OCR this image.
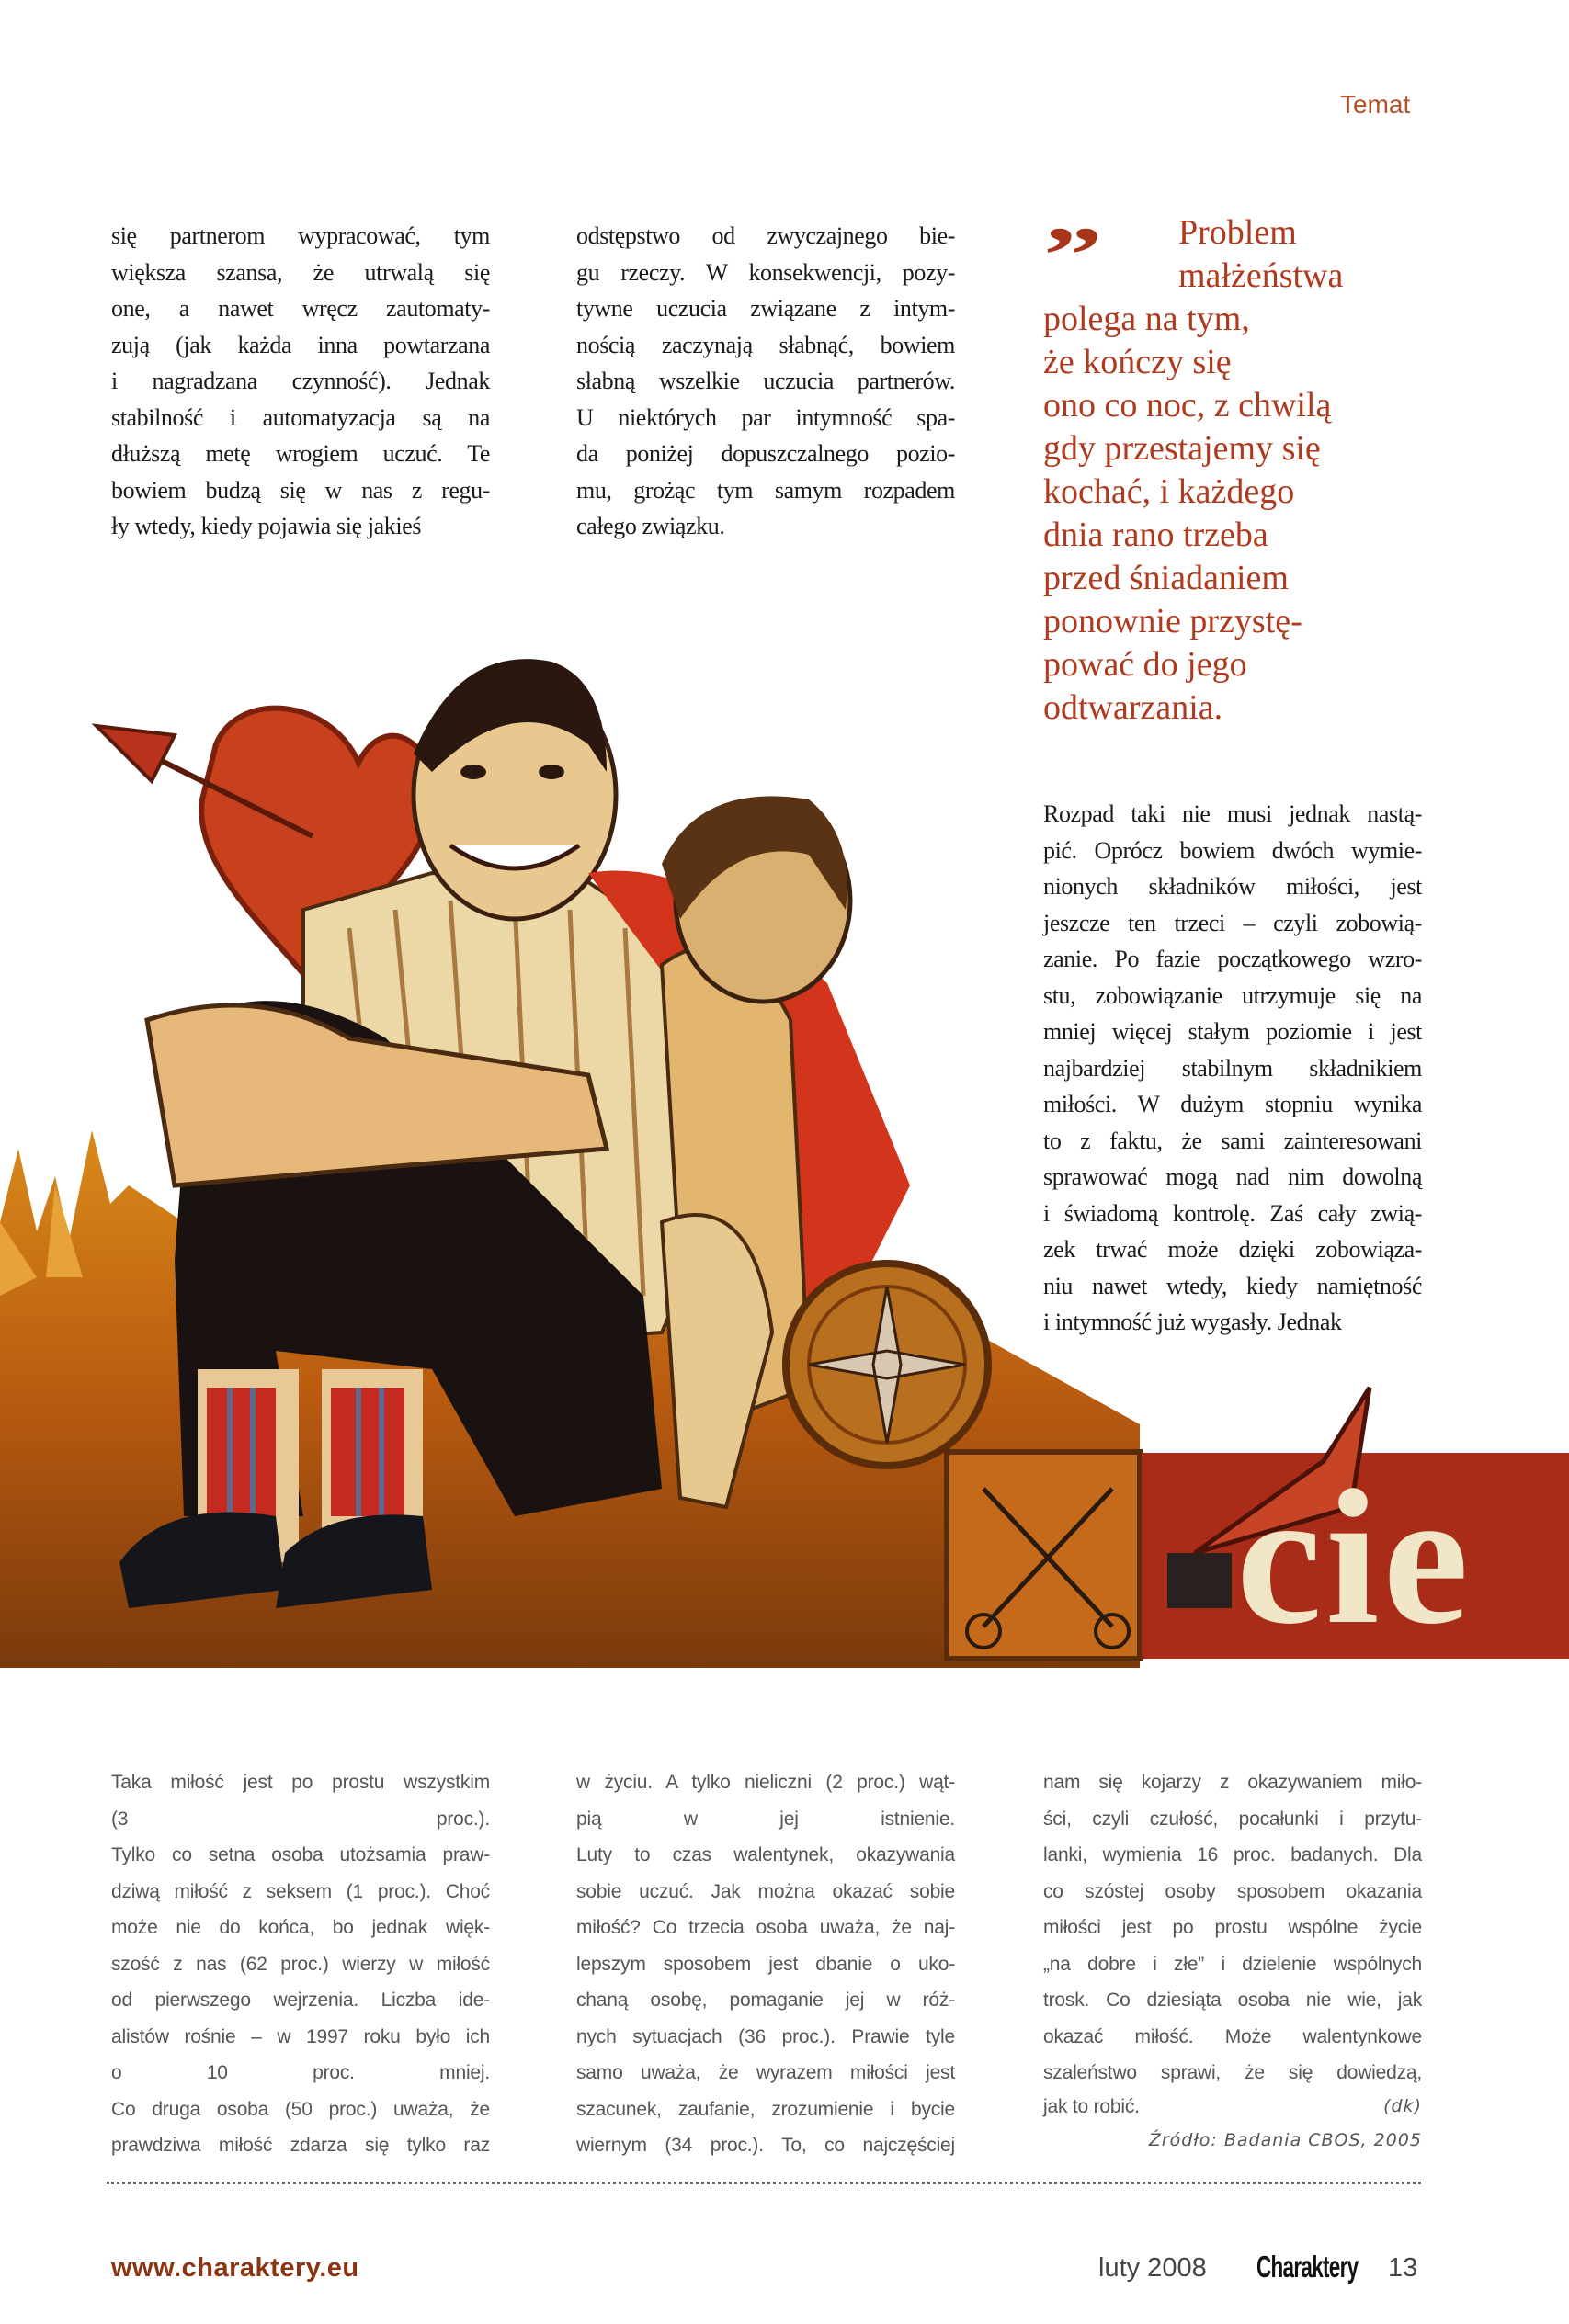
Temat
się partnerom wypracować, tym
większa szansa, że utrwalą się
one, a nawet wręcz zautomaty-
zują (jak każda inna powtarzana
i nagradzana czynność). Jednak
stabilność i automatyzacja są na
dłuższą metę wrogiem uczuć. Te
bowiem budzą się w nas z regu-
ły wtedy, kiedy pojawia się jakieś
odstępstwo od zwyczajnego bie-
gu rzeczy. W konsekwencji, pozy-
tywne uczucia związane z intym-
nością zaczynają słabnąć, bowiem
słabną wszelkie uczucia partnerów.
U niektórych par intymność spa-
da poniżej dopuszczalnego pozio-
mu, grożąc tym samym rozpadem
całego związku.
”	Problem
małżeństwa
polega na tym,
że kończy się
ono co noc, z chwilą
gdy przestajemy się
kochać, i każdego
dnia rano trzeba
przed śniadaniem
ponownie przystę-
pować do jego
odtwarzania.
Rozpad taki nie musi jednak nastą-
pić. Oprócz bowiem dwóch wymie-
nionych składników miłości, jest
jeszcze ten trzeci – czyli zobowią-
zanie. Po fazie początkowego wzro-
stu, zobowiązanie utrzymuje się na
mniej więcej stałym poziomie i jest
najbardziej stabilnym składnikiem
miłości. W dużym stopniu wynika
to z faktu, że sami zainteresowani
sprawować mogą nad nim dowolną
i świadomą kontrolę. Zaś cały zwią-
zek trwać może dzięki zobowiąza-
niu nawet wtedy, kiedy namiętność
i intymność już wygasły. Jednak
cie
Taka miłość jest po prostu wszystkim
(3 proc.).
Tylko co setna osoba utożsamia praw-
dziwą miłość z seksem (1 proc.). Choć
może nie do końca, bo jednak więk-
szość z nas (62 proc.) wierzy w miłość
od pierwszego wejrzenia. Liczba ide-
alistów rośnie – w 1997 roku było ich
o 10 proc. mniej.
Co druga osoba (50 proc.) uważa, że
prawdziwa miłość zdarza się tylko raz
w życiu. A tylko nieliczni (2 proc.) wąt-
pią w jej istnienie.
Luty to czas walentynek, okazywania
sobie uczuć. Jak można okazać sobie
miłość? Co trzecia osoba uważa, że naj-
lepszym sposobem jest dbanie o uko-
chaną osobę, pomaganie jej w róż-
nych sytuacjach (36 proc.). Prawie tyle
samo uważa, że wyrazem miłości jest
szacunek, zaufanie, zrozumienie i bycie
wiernym (34 proc.). To, co najczęściej
nam się kojarzy z okazywaniem miło-
ści, czyli czułość, pocałunki i przytu-
lanki, wymienia 16 proc. badanych. Dla
co szóstej osoby sposobem okazania
miłości jest po prostu wspólne życie
„na dobre i złe” i dzielenie wspólnych
trosk. Co dziesiąta osoba nie wie, jak
okazać miłość. Może walentynkowe
szaleństwo sprawi, że się dowiedzą,
jak to robić.	(dk)
Źródło: Badania CBOS, 2005
www.charaktery.eu	luty 2008 Charaktery 13
